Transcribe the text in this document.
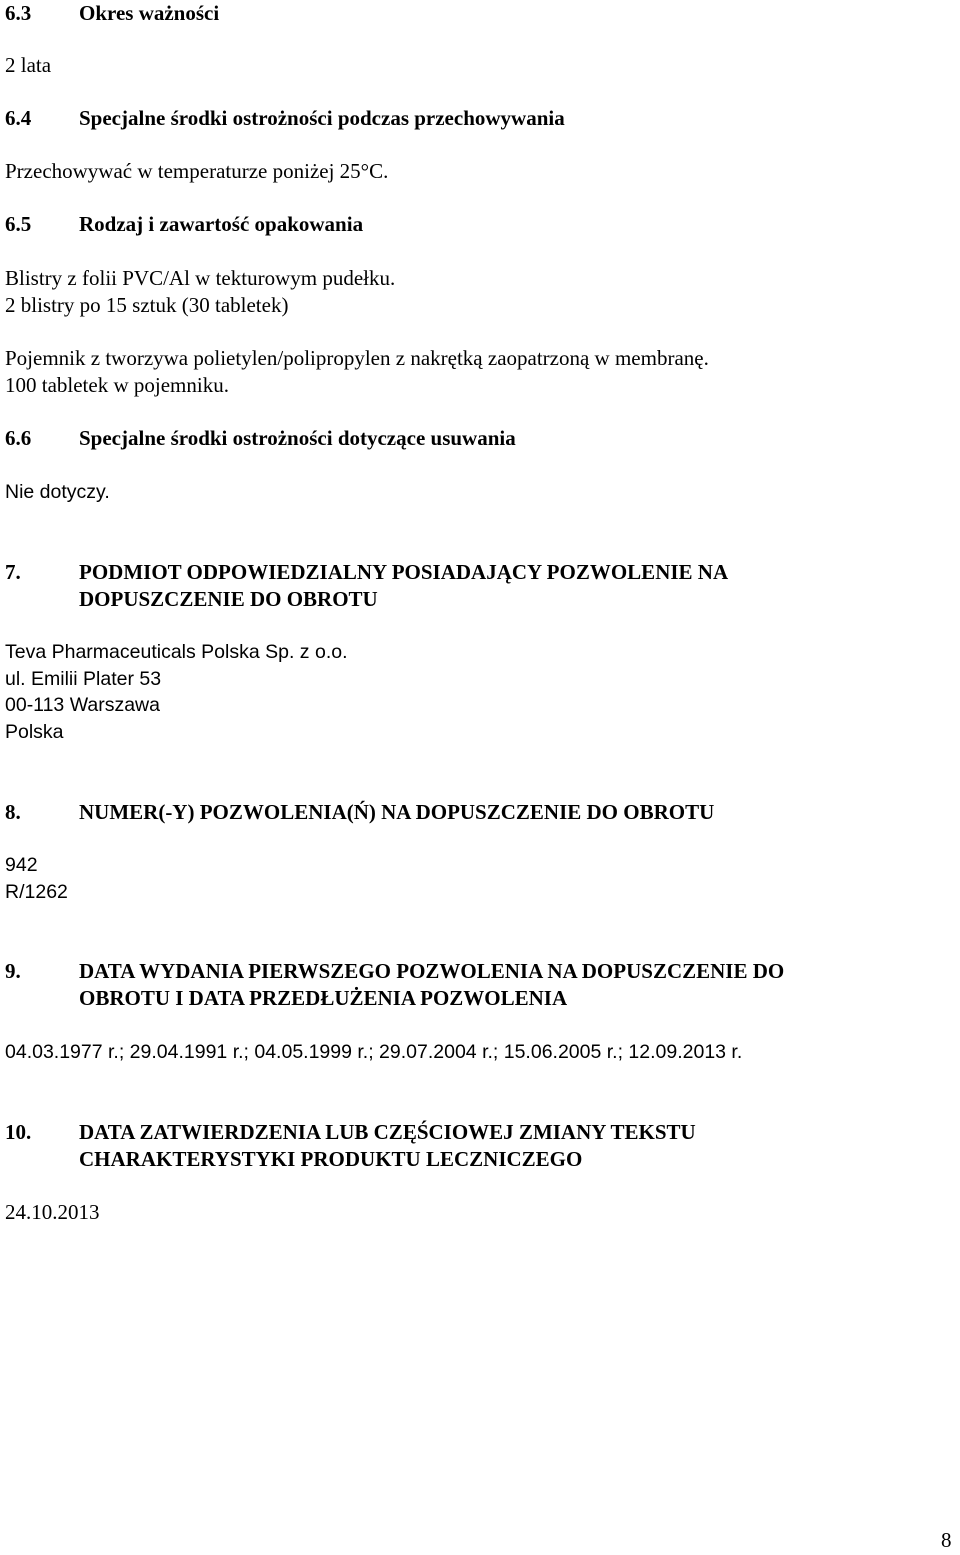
6.3 Okres ważności
2 lata
6.4 Specjalne środki ostrożności podczas przechowywania
Przechowywać w temperaturze poniżej 25°C.
6.5 Rodzaj i zawartość opakowania
Blistry z folii PVC/Al w tekturowym pudełku.
2 blistry po 15 sztuk (30 tabletek)
Pojemnik z tworzywa polietylen/polipropylen z nakrętką zaopatrzoną w membranę.
100 tabletek w pojemniku.
6.6 Specjalne środki ostrożności dotyczące usuwania
Nie dotyczy.
7.	PODMIOT ODPOWIEDZIALNY POSIADAJĄCY POZWOLENIE NA
DOPUSZCZENIE DO OBROTU
Teva Pharmaceuticals Polska Sp. z o.o.
ul. Emilii Plater 53
00-113 Warszawa
Polska
8.	NUMER(-Y) POZWOLENIA(Ń) NA DOPUSZCZENIE DO OBROTU
942
R/1262
9.	DATA WYDANIA PIERWSZEGO POZWOLENIA NA DOPUSZCZENIE DO
OBROTU I DATA PRZEDŁUŻENIA POZWOLENIA
04.03.1977 r.; 29.04.1991 r.; 04.05.1999 r.; 29.07.2004 r.; 15.06.2005 r.; 12.09.2013 r.
10. DATA ZATWIERDZENIA LUB CZĘŚCIOWEJ ZMIANY TEKSTU
CHARAKTERYSTYKI PRODUKTU LECZNICZEGO
24.10.2013
8
